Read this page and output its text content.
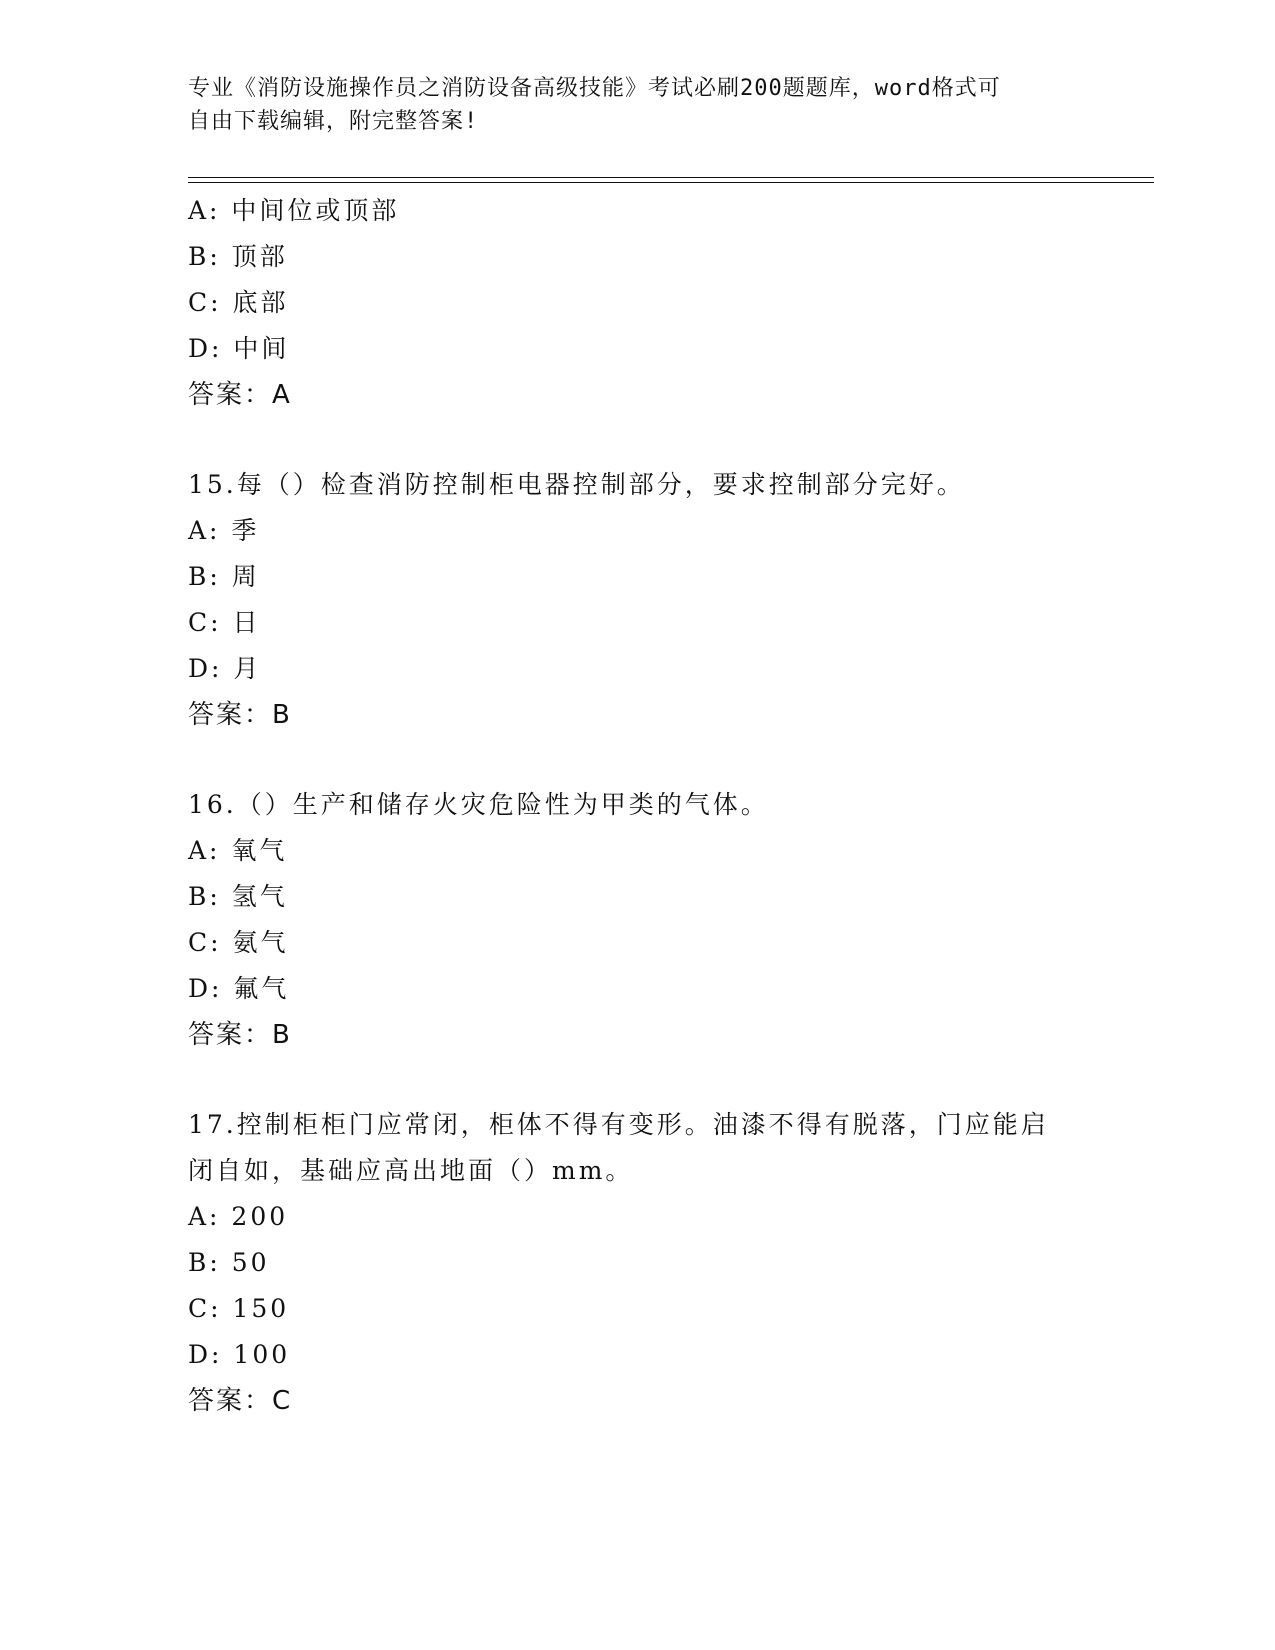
专业《消防设施操作员之消防设备高级技能》考试必刷200题题库，word格式可
自由下载编辑，附完整答案!
A: 中间位或顶部
B: 顶部
C: 底部
D: 中间
答案：A
15.每（）检查消防控制柜电器控制部分，要求控制部分完好。
A: 季
B: 周
C: 日
D: 月
答案：B
16.（）生产和储存火灾危险性为甲类的气体。
A: 氧气
B: 氢气
C: 氨气
D: 氟气
答案：B
17.控制柜柜门应常闭，柜体不得有变形。油漆不得有脱落，门应能启
闭自如，基础应高出地面（）mm。
A: 200
B: 50
C: 150
D: 100
答案：C
